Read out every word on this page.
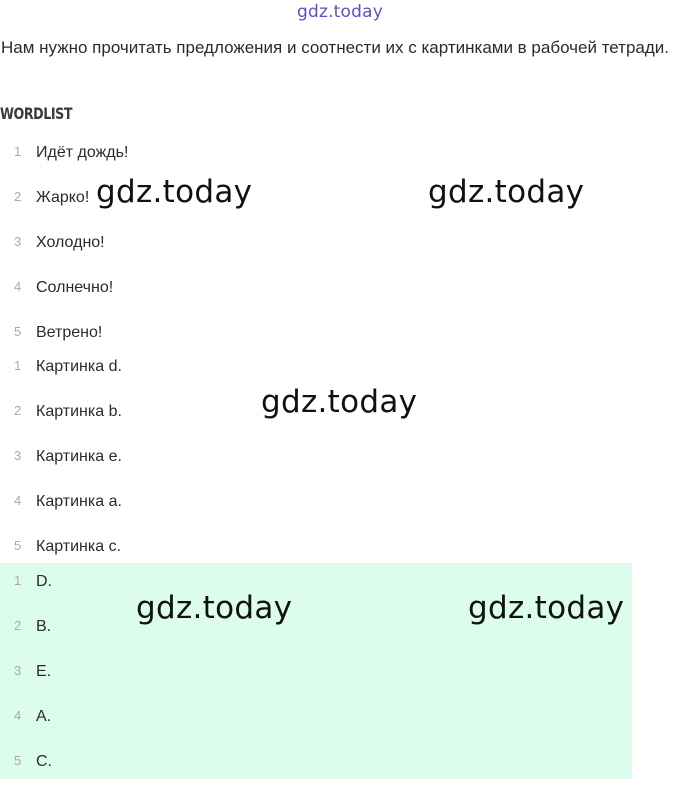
gdz.today
Нам нужно прочитать предложения и соотнести их с картинками в рабочей тетради.
WORDLIST
1 Идёт дождь!
2 Жарко!
3 Холодно!
4 Солнечно!
5 Ветрено!
1 Картинка d.
2 Картинка b.
3 Картинка e.
4 Картинка a.
5 Картинка c.
1 D.
2 B.
3 E.
4 A.
5 C.
gdz.today	gdz.today
gdz.today
gdz.today	gdz.today
